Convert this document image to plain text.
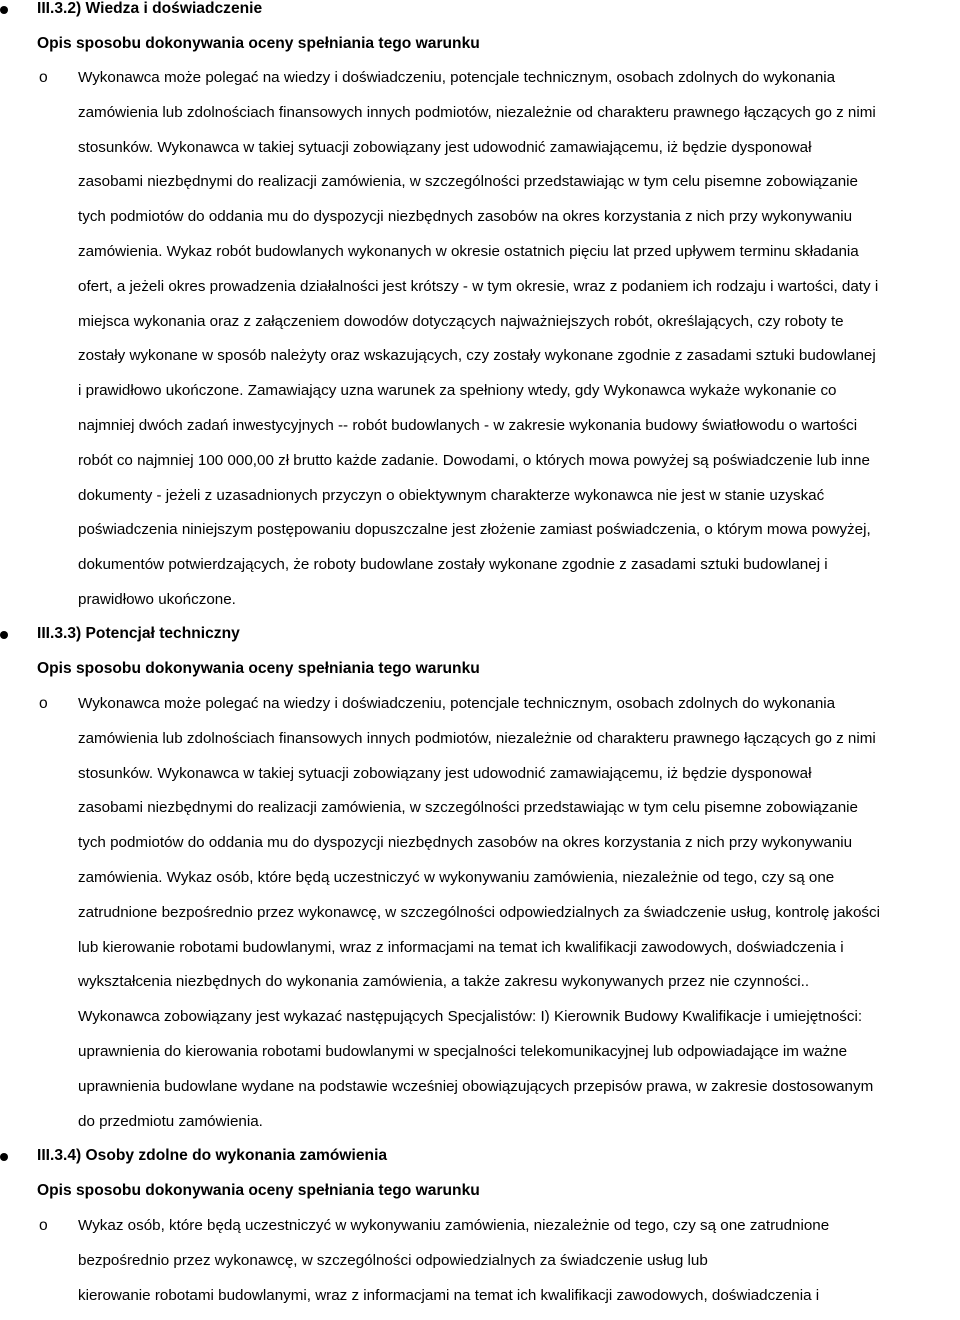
III.3.2) Wiedza i doświadczenie
Opis sposobu dokonywania oceny spełniania tego warunku
o Wykonawca może polegać na wiedzy i doświadczeniu, potencjale technicznym, osobach zdolnych do wykonania
zamówienia lub zdolnościach finansowych innych podmiotów, niezależnie od charakteru prawnego łączących go z nimi
stosunków. Wykonawca w takiej sytuacji zobowiązany jest udowodnić zamawiającemu, iż będzie dysponował
zasobami niezbędnymi do realizacji zamówienia, w szczególności przedstawiając w tym celu pisemne zobowiązanie
tych podmiotów do oddania mu do dyspozycji niezbędnych zasobów na okres korzystania z nich przy wykonywaniu
zamówienia. Wykaz robót budowlanych wykonanych w okresie ostatnich pięciu lat przed upływem terminu składania
ofert, a jeżeli okres prowadzenia działalności jest krótszy - w tym okresie, wraz z podaniem ich rodzaju i wartości, daty i
miejsca wykonania oraz z załączeniem dowodów dotyczących najważniejszych robót, określających, czy roboty te
zostały wykonane w sposób należyty oraz wskazujących, czy zostały wykonane zgodnie z zasadami sztuki budowlanej
i prawidłowo ukończone. Zamawiający uzna warunek za spełniony wtedy, gdy Wykonawca wykaże wykonanie co
najmniej dwóch zadań inwestycyjnych -- robót budowlanych - w zakresie wykonania budowy światłowodu o wartości
robót co najmniej 100 000,00 zł brutto każde zadanie. Dowodami, o których mowa powyżej są poświadczenie lub inne
dokumenty - jeżeli z uzasadnionych przyczyn o obiektywnym charakterze wykonawca nie jest w stanie uzyskać
poświadczenia niniejszym postępowaniu dopuszczalne jest złożenie zamiast poświadczenia, o którym mowa powyżej,
dokumentów potwierdzających, że roboty budowlane zostały wykonane zgodnie z zasadami sztuki budowlanej i
prawidłowo ukończone.
III.3.3) Potencjał techniczny
Opis sposobu dokonywania oceny spełniania tego warunku
o Wykonawca może polegać na wiedzy i doświadczeniu, potencjale technicznym, osobach zdolnych do wykonania
zamówienia lub zdolnościach finansowych innych podmiotów, niezależnie od charakteru prawnego łączących go z nimi
stosunków. Wykonawca w takiej sytuacji zobowiązany jest udowodnić zamawiającemu, iż będzie dysponował
zasobami niezbędnymi do realizacji zamówienia, w szczególności przedstawiając w tym celu pisemne zobowiązanie
tych podmiotów do oddania mu do dyspozycji niezbędnych zasobów na okres korzystania z nich przy wykonywaniu
zamówienia. Wykaz osób, które będą uczestniczyć w wykonywaniu zamówienia, niezależnie od tego, czy są one
zatrudnione bezpośrednio przez wykonawcę, w szczególności odpowiedzialnych za świadczenie usług, kontrolę jakości
lub kierowanie robotami budowlanymi, wraz z informacjami na temat ich kwalifikacji zawodowych, doświadczenia i
wykształcenia niezbędnych do wykonania zamówienia, a także zakresu wykonywanych przez nie czynności..
Wykonawca zobowiązany jest wykazać następujących Specjalistów: I) Kierownik Budowy Kwalifikacje i umiejętności:
uprawnienia do kierowania robotami budowlanymi w specjalności telekomunikacyjnej lub odpowiadające im ważne
uprawnienia budowlane wydane na podstawie wcześniej obowiązujących przepisów prawa, w zakresie dostosowanym
do przedmiotu zamówienia.
III.3.4) Osoby zdolne do wykonania zamówienia
Opis sposobu dokonywania oceny spełniania tego warunku
o Wykaz osób, które będą uczestniczyć w wykonywaniu zamówienia, niezależnie od tego, czy są one zatrudnione
bezpośrednio przez wykonawcę, w szczególności odpowiedzialnych za świadczenie usług lub
kierowanie robotami budowlanymi, wraz z informacjami na temat ich kwalifikacji zawodowych, doświadczenia i
